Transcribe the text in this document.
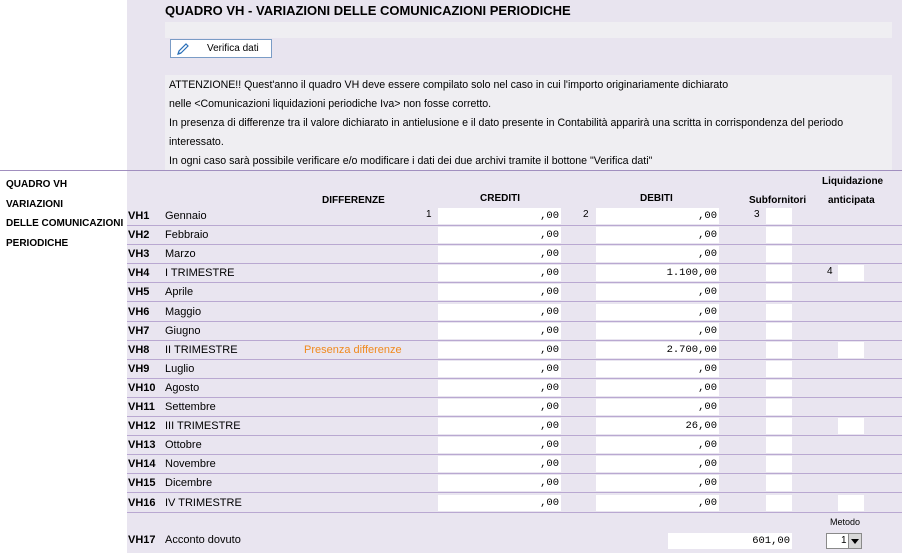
QUADRO VH
VARIAZIONI
DELLE COMUNICAZIONI
PERIODICHE
QUADRO VH - VARIAZIONI DELLE COMUNICAZIONI PERIODICHE
Verifica dati

ATTENZIONE!! Quest'anno il quadro VH deve essere compilato solo nel caso in cui l'importo originariamente dichiarato

nelle <Comunicazioni liquidazioni periodiche Iva> non fosse corretto.

In presenza di differenze tra il valore dichiarato in antielusione e il dato presente in Contabilità apparirà una scritta in corrispondenza del periodo

interessato.

In ogni caso sarà possibile verificare e/o modificare i dati dei due archivi tramite il bottone "Verifica dati"

DIFFERENZE	CREDITI	DEBITI	Subfornitori
Liquidazione
anticipata
VH1 Gennaio	,00	,00
1	2	3
VH2 Febbraio	,00	,00
VH3 Marzo	,00	,00
VH4 I TRIMESTRE	,00	1.100,00	4
VH5 Aprile	,00	,00
VH6 Maggio	,00	,00
VH7 Giugno	,00	,00
VH8 II TRIMESTRE	Presenza differenze	,00	2.700,00
VH9 Luglio	,00	,00
VH10 Agosto	,00	,00
VH11 Settembre	,00	,00
VH12 III TRIMESTRE	,00	26,00
VH13 Ottobre	,00	,00
VH14 Novembre	,00	,00
VH15 Dicembre	,00	,00
VH16 IV TRIMESTRE	,00	,00
Metodo
VH17 Acconto dovuto	601,00	1
